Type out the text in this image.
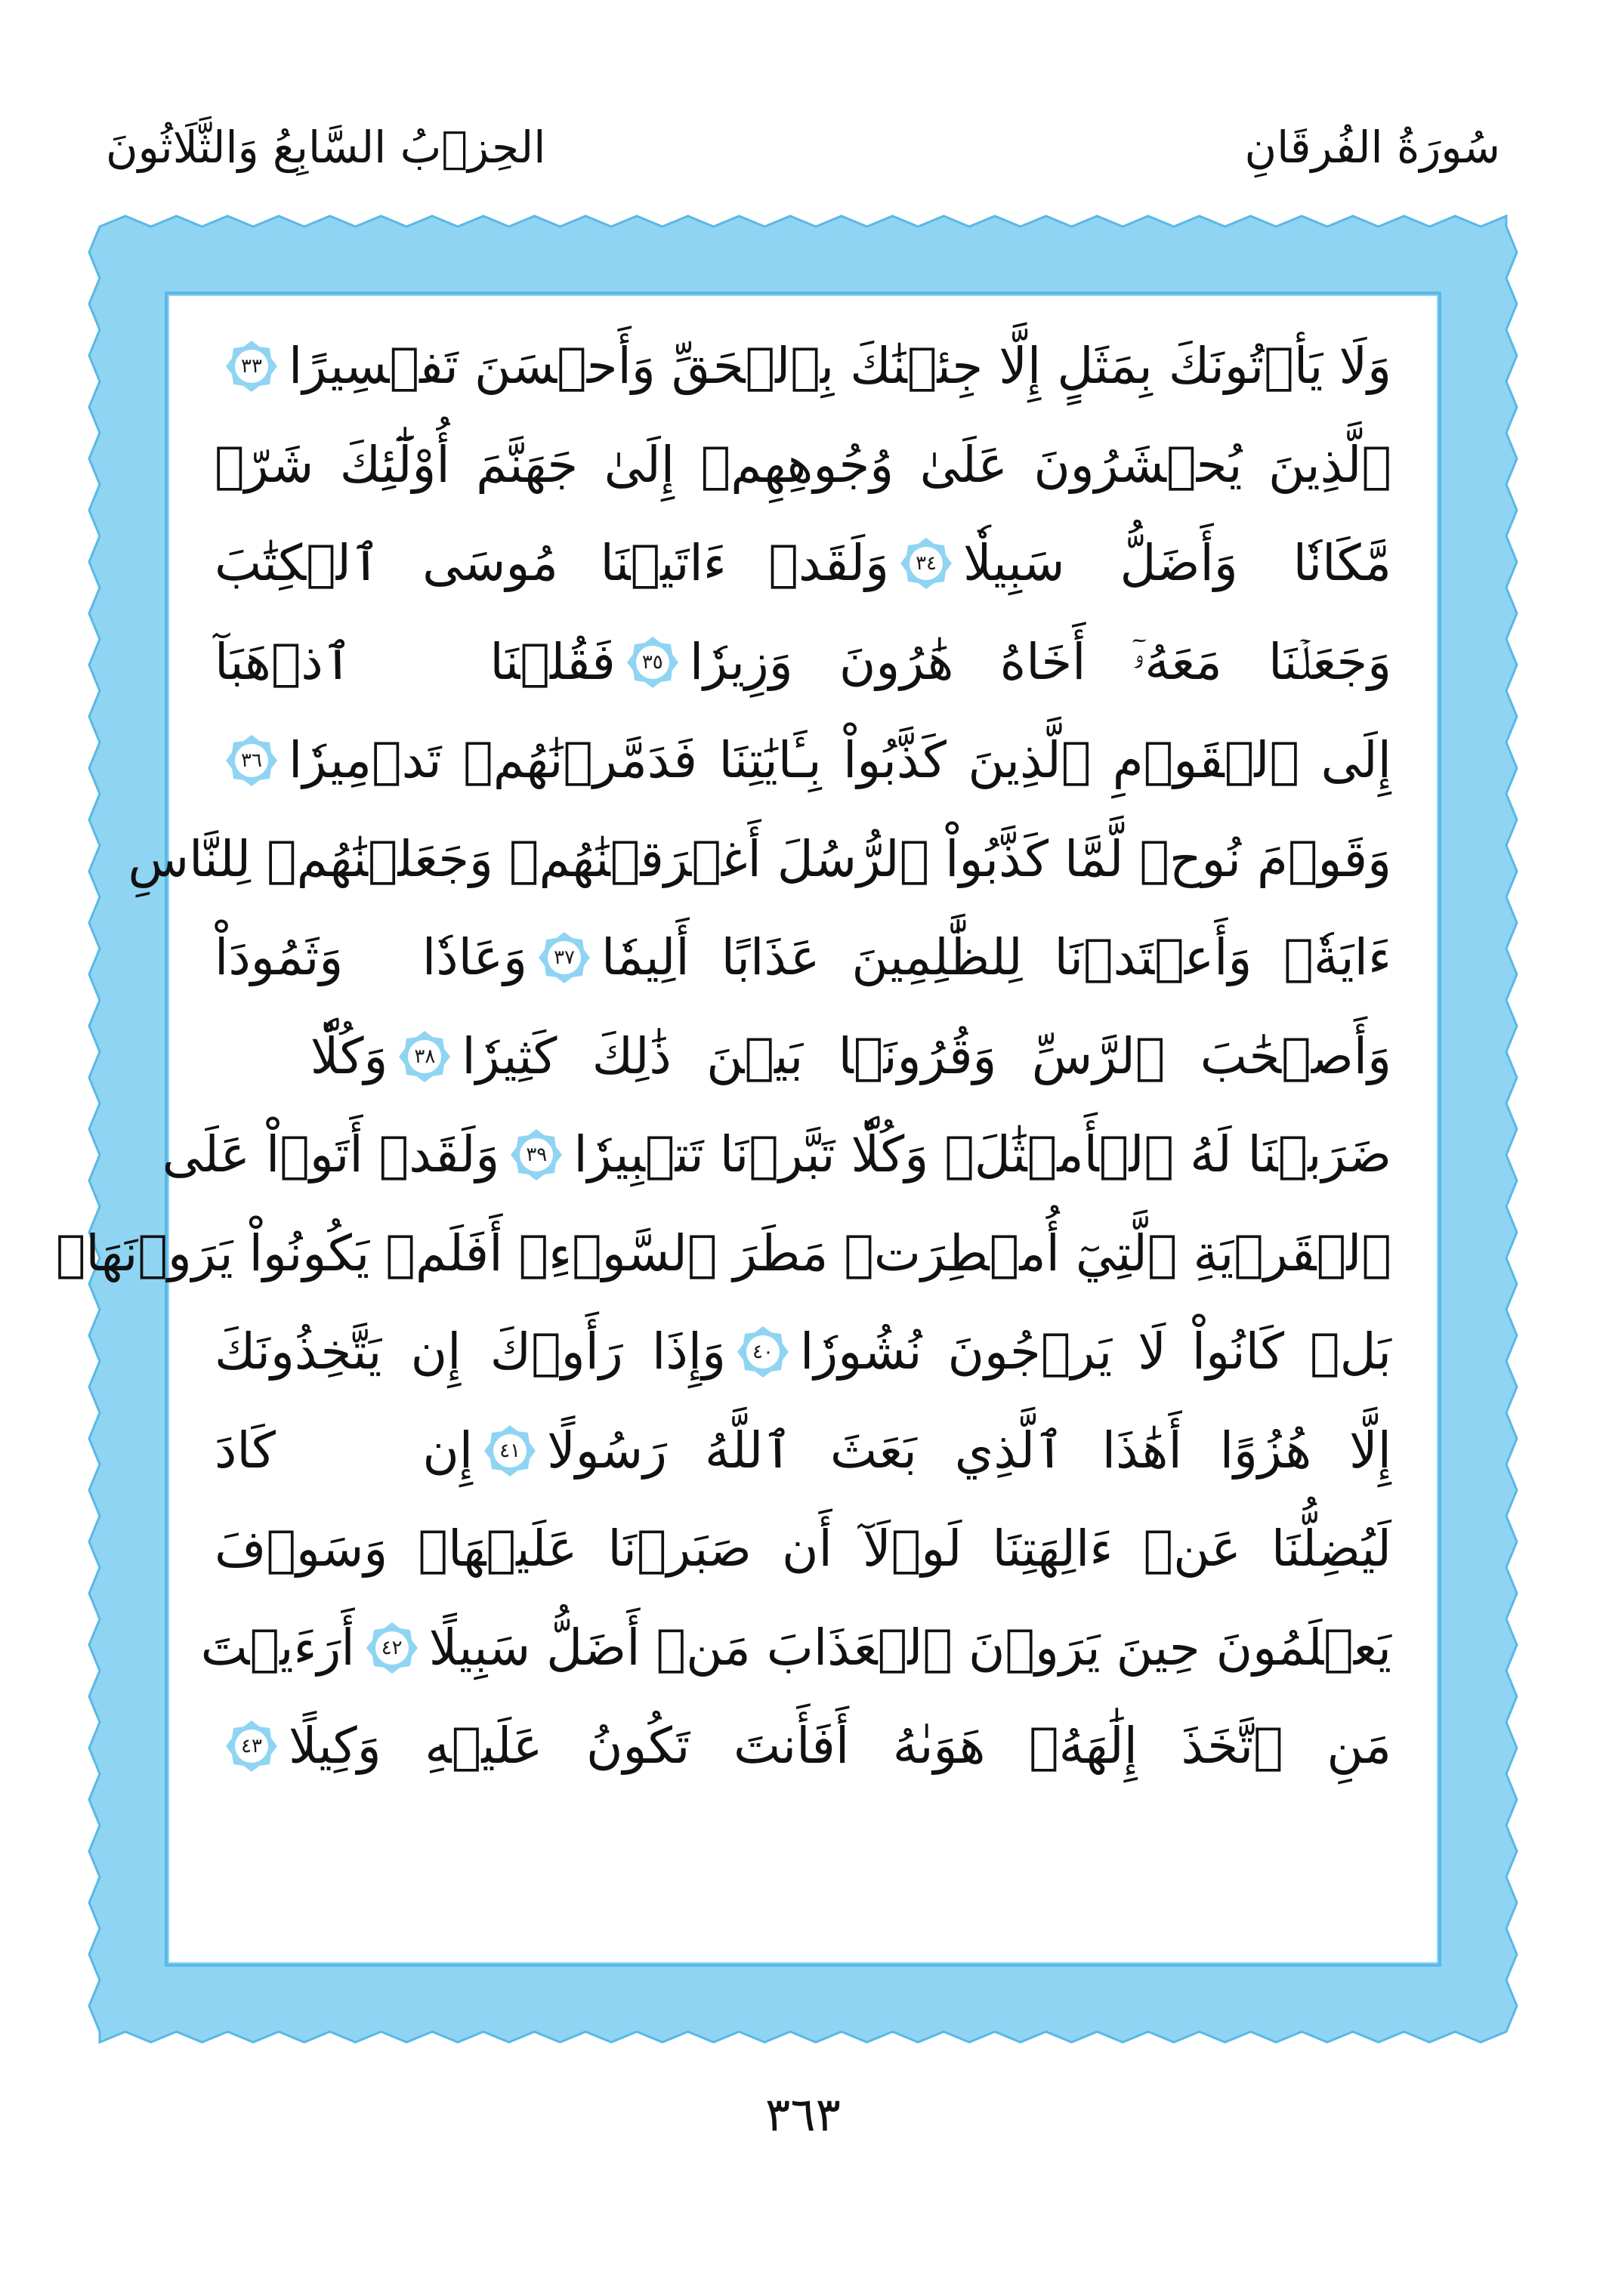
سُورَةُ الفُرقَانِ
الحِزۡبُ السَّابِعُ وَالثَّلَاثُونَ
وَلَا يَأۡتُونَكَ بِمَثَلٍ إِلَّا جِئۡنَٰكَ بِٱلۡحَقِّ وَأَحۡسَنَ تَفۡسِيرًا
٣٣
ٱلَّذِينَ يُحۡشَرُونَ عَلَىٰ وُجُوهِهِمۡ إِلَىٰ جَهَنَّمَ أُوْلَٰٓئِكَ شَرّٞ
مَّكَانٗا وَأَضَلُّ سَبِيلٗا
٣٤
وَلَقَدۡ ءَاتَيۡنَا مُوسَى ٱلۡكِتَٰبَ
وَجَعَلۡنَا مَعَهُۥٓ أَخَاهُ هَٰرُونَ وَزِيرٗا
٣٥
فَقُلۡنَا ٱذۡهَبَآ
إِلَى ٱلۡقَوۡمِ ٱلَّذِينَ كَذَّبُواْ بِـَٔايَٰتِنَا فَدَمَّرۡنَٰهُمۡ تَدۡمِيرٗا
٣٦
وَقَوۡمَ نُوحٖ لَّمَّا كَذَّبُواْ ٱلرُّسُلَ أَغۡرَقۡنَٰهُمۡ وَجَعَلۡنَٰهُمۡ لِلنَّاسِ
ءَايَةٗۖ وَأَعۡتَدۡنَا لِلظَّٰلِمِينَ عَذَابًا أَلِيمٗا
٣٧
وَعَادٗا وَثَمُودَاْ
وَأَصۡحَٰبَ ٱلرَّسِّ وَقُرُونَۢا بَيۡنَ ذَٰلِكَ كَثِيرٗا
٣٨
وَكُلّٗا
ضَرَبۡنَا لَهُ ٱلۡأَمۡثَٰلَۖ وَكُلّٗا تَبَّرۡنَا تَتۡبِيرٗا
٣٩
وَلَقَدۡ أَتَوۡاْ عَلَى
ٱلۡقَرۡيَةِ ٱلَّتِيٓ أُمۡطِرَتۡ مَطَرَ ٱلسَّوۡءِۚ أَفَلَمۡ يَكُونُواْ يَرَوۡنَهَاۚ
بَلۡ كَانُواْ لَا يَرۡجُونَ نُشُورٗا
٤٠
وَإِذَا رَأَوۡكَ إِن يَتَّخِذُونَكَ
إِلَّا هُزُوًا أَهَٰذَا ٱلَّذِي بَعَثَ ٱللَّهُ رَسُولًا
٤١
إِن كَادَ
لَيُضِلُّنَا عَنۡ ءَالِهَتِنَا لَوۡلَآ أَن صَبَرۡنَا عَلَيۡهَاۚ وَسَوۡفَ
يَعۡلَمُونَ حِينَ يَرَوۡنَ ٱلۡعَذَابَ مَنۡ أَضَلُّ سَبِيلًا
٤٢
أَرَءَيۡتَ
مَنِ ٱتَّخَذَ إِلَٰهَهُۥ هَوَىٰهُ أَفَأَنتَ تَكُونُ عَلَيۡهِ وَكِيلًا
٤٣
٣٦٣
